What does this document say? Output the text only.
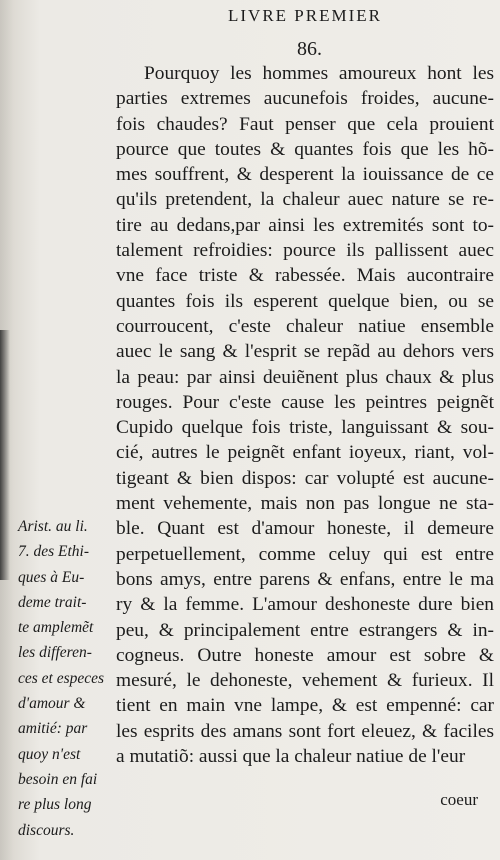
LIVRE PREMIER
86.
Pourquoy les hommes amoureux hont les
parties extremes aucunefois froides, aucune-
fois chaudes? Faut penser que cela prouient
pource que toutes & quantes fois que les hõ-
mes souffrent, & desperent la iouissance de ce
qu'ils pretendent, la chaleur auec nature se re-
tire au dedans,par ainsi les extremités sont to-
talement refroidies: pource ils pallissent auec
vne face triste & rabessée. Mais aucontraire
quantes fois ils esperent quelque bien, ou se
courroucent, c'este chaleur natiue ensemble
auec le sang & l'esprit se repãd au dehors vers
la peau: par ainsi deuiẽnent plus chaux & plus
rouges. Pour c'este cause les peintres peignẽt
Cupido quelque fois triste, languissant & sou-
cié, autres le peignẽt enfant ioyeux, riant, vol-
tigeant & bien dispos: car volupté est aucune-
ment vehemente, mais non pas longue ne sta-
ble. Quant est d'amour honeste, il demeure
perpetuellement, comme celuy qui est entre
bons amys, entre parens & enfans, entre le ma
ry & la femme. L'amour deshoneste dure bien
peu, & principalement entre estrangers & in-
cogneus. Outre honeste amour est sobre &
mesuré, le dehoneste, vehement & furieux. Il
tient en main vne lampe, & est empenné: car
les esprits des amans sont fort eleuez, & faciles
a mutatiõ: aussi que la chaleur natiue de l'eur
coeur
Arist. au li.
7. des Ethi-
ques à Eu-
deme trait-
te amplemẽt
les differen-
ces et especes
d'amour &
amitié: par
quoy n'est
besoin en fai
re plus long
discours.
